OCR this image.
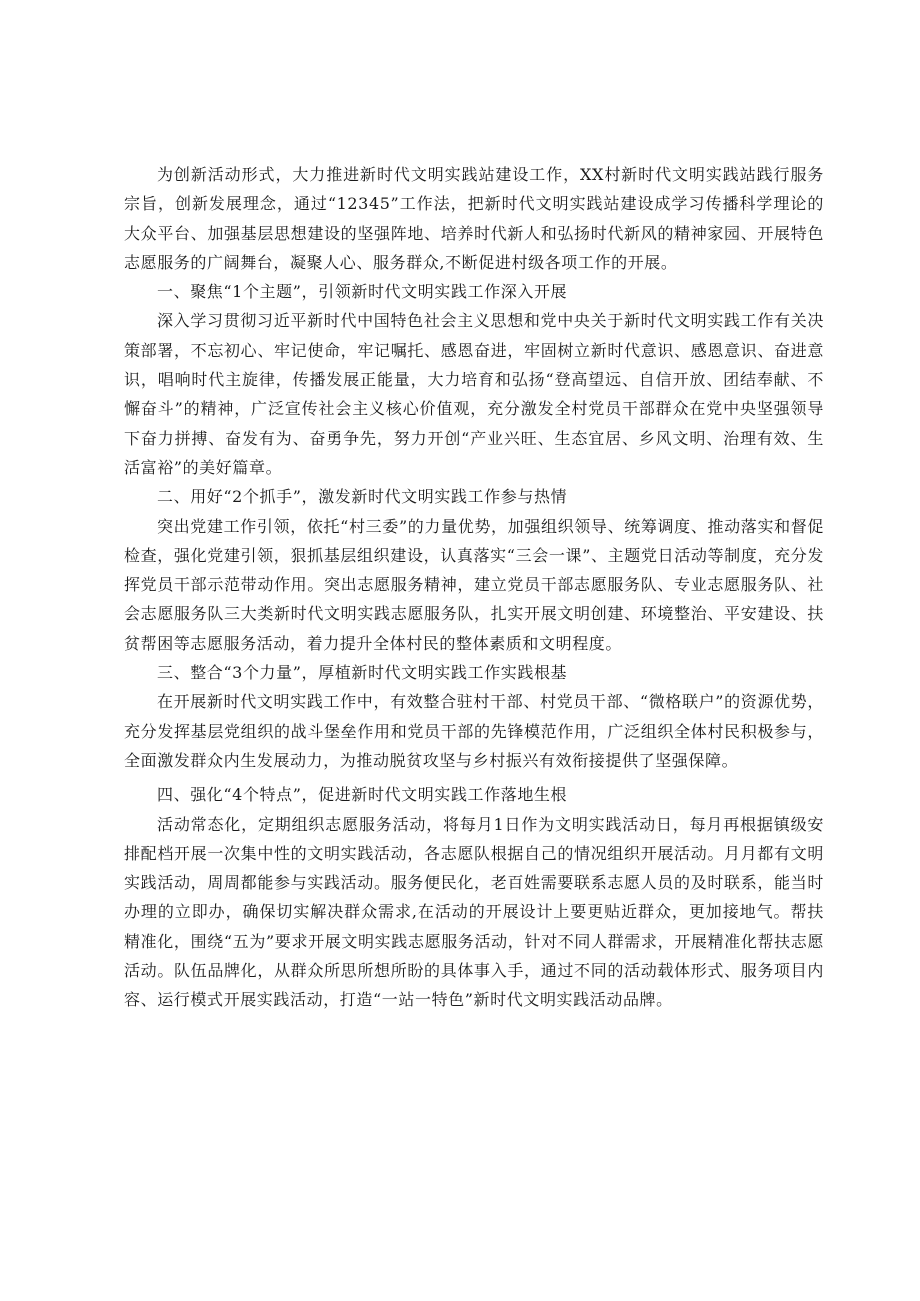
为创新活动形式，大力推进新时代文明实践站建设工作，XX村新时代文明实践站践行服务宗旨，创新发展理念，通过“12345”工作法，把新时代文明实践站建设成学习传播科学理论的大众平台、加强基层思想建设的坚强阵地、培养时代新人和弘扬时代新风的精神家园、开展特色志愿服务的广阔舞台，凝聚人心、服务群众,不断促进村级各项工作的开展。

一、聚焦“1个主题”，引领新时代文明实践工作深入开展

深入学习贯彻习近平新时代中国特色社会主义思想和党中央关于新时代文明实践工作有关决策部署，不忘初心、牢记使命，牢记嘱托、感恩奋进，牢固树立新时代意识、感恩意识、奋进意识，唱响时代主旋律，传播发展正能量，大力培育和弘扬“登高望远、自信开放、团结奉献、不懈奋斗”的精神，广泛宣传社会主义核心价值观，充分激发全村党员干部群众在党中央坚强领导下奋力拼搏、奋发有为、奋勇争先，努力开创“产业兴旺、生态宜居、乡风文明、治理有效、生活富裕”的美好篇章。

二、用好“2个抓手”，激发新时代文明实践工作参与热情

突出党建工作引领，依托“村三委”的力量优势，加强组织领导、统筹调度、推动落实和督促检查，强化党建引领，狠抓基层组织建设，认真落实“三会一课”、主题党日活动等制度，充分发挥党员干部示范带动作用。突出志愿服务精神，建立党员干部志愿服务队、专业志愿服务队、社会志愿服务队三大类新时代文明实践志愿服务队，扎实开展文明创建、环境整治、平安建设、扶贫帮困等志愿服务活动，着力提升全体村民的整体素质和文明程度。

三、整合“3个力量”，厚植新时代文明实践工作实践根基

在开展新时代文明实践工作中，有效整合驻村干部、村党员干部、“微格联户”的资源优势，充分发挥基层党组织的战斗堡垒作用和党员干部的先锋模范作用，广泛组织全体村民积极参与，全面激发群众内生发展动力，为推动脱贫攻坚与乡村振兴有效衔接提供了坚强保障。

四、强化“4个特点”，促进新时代文明实践工作落地生根

活动常态化，定期组织志愿服务活动，将每月1日作为文明实践活动日，每月再根据镇级安排配档开展一次集中性的文明实践活动，各志愿队根据自己的情况组织开展活动。月月都有文明实践活动，周周都能参与实践活动。服务便民化，老百姓需要联系志愿人员的及时联系，能当时办理的立即办，确保切实解决群众需求,在活动的开展设计上要更贴近群众，更加接地气。帮扶精准化，围绕“五为”要求开展文明实践志愿服务活动，针对不同人群需求，开展精准化帮扶志愿活动。队伍品牌化，从群众所思所想所盼的具体事入手，通过不同的活动载体形式、服务项目内容、运行模式开展实践活动，打造“一站一特色”新时代文明实践活动品牌。
